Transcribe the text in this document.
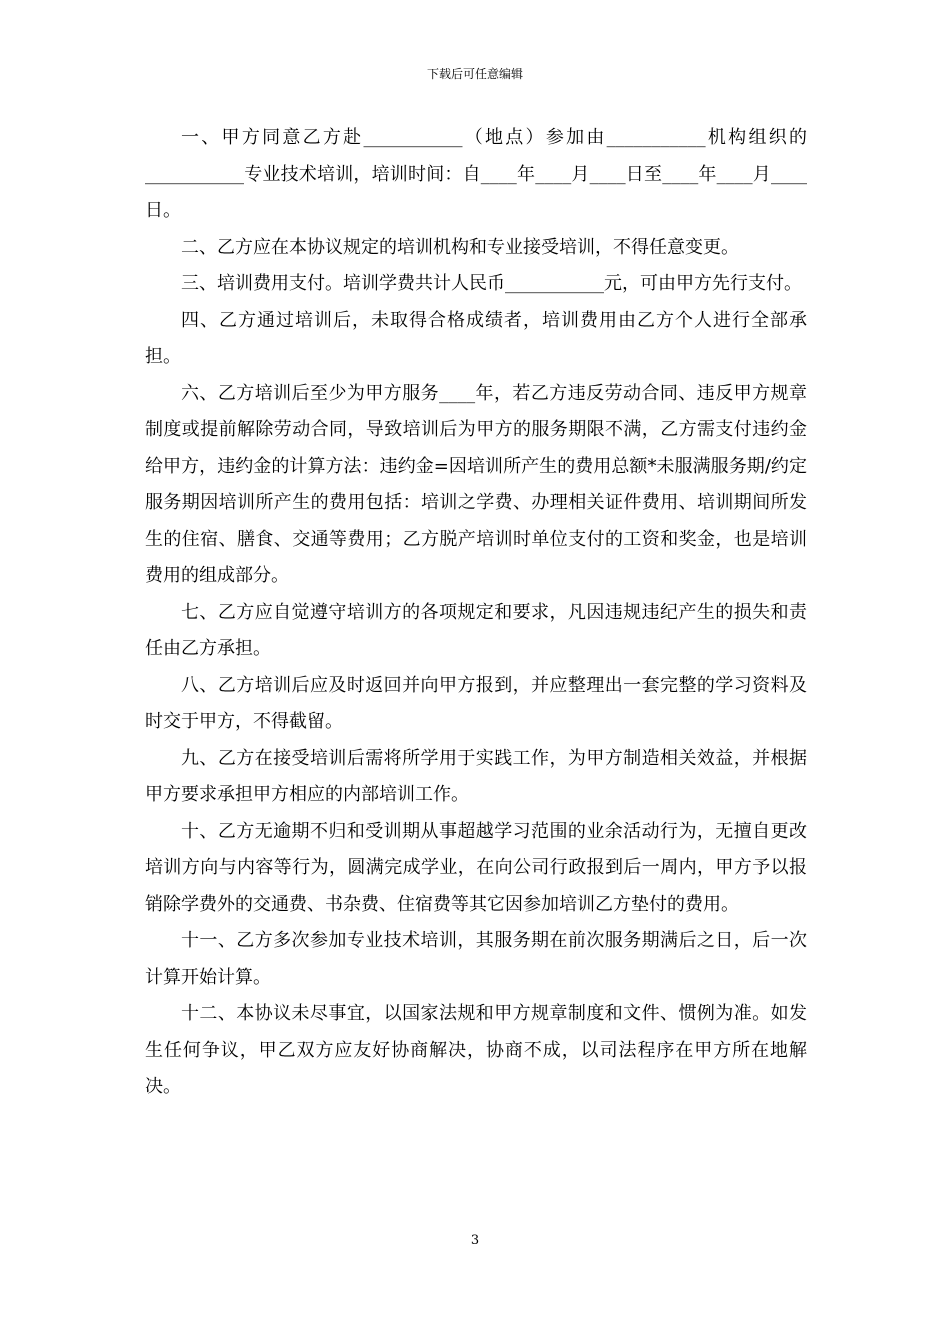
下载后可任意编辑

一、甲方同意乙方赴___________（地点）参加由___________机构组织的___________专业技术培训，培训时间：自____年____月____日至____年____月____日。

二、乙方应在本协议规定的培训机构和专业接受培训，不得任意变更。

三、培训费用支付。培训学费共计人民币___________元，可由甲方先行支付。

四、乙方通过培训后，未取得合格成绩者，培训费用由乙方个人进行全部承担。

六、乙方培训后至少为甲方服务____年，若乙方违反劳动合同、违反甲方规章制度或提前解除劳动合同，导致培训后为甲方的服务期限不满，乙方需支付违约金给甲方，违约金的计算方法：违约金=因培训所产生的费用总额*未服满服务期/约定服务期因培训所产生的费用包括：培训之学费、办理相关证件费用、培训期间所发生的住宿、膳食、交通等费用；乙方脱产培训时单位支付的工资和奖金，也是培训费用的组成部分。

七、乙方应自觉遵守培训方的各项规定和要求，凡因违规违纪产生的损失和责任由乙方承担。

八、乙方培训后应及时返回并向甲方报到，并应整理出一套完整的学习资料及时交于甲方，不得截留。

九、乙方在接受培训后需将所学用于实践工作，为甲方制造相关效益，并根据甲方要求承担甲方相应的内部培训工作。

十、乙方无逾期不归和受训期从事超越学习范围的业余活动行为，无擅自更改培训方向与内容等行为，圆满完成学业，在向公司行政报到后一周内，甲方予以报销除学费外的交通费、书杂费、住宿费等其它因参加培训乙方垫付的费用。

十一、乙方多次参加专业技术培训，其服务期在前次服务期满后之日，后一次计算开始计算。

十二、本协议未尽事宜，以国家法规和甲方规章制度和文件、惯例为准。如发生任何争议，甲乙双方应友好协商解决，协商不成，以司法程序在甲方所在地解决。

3
